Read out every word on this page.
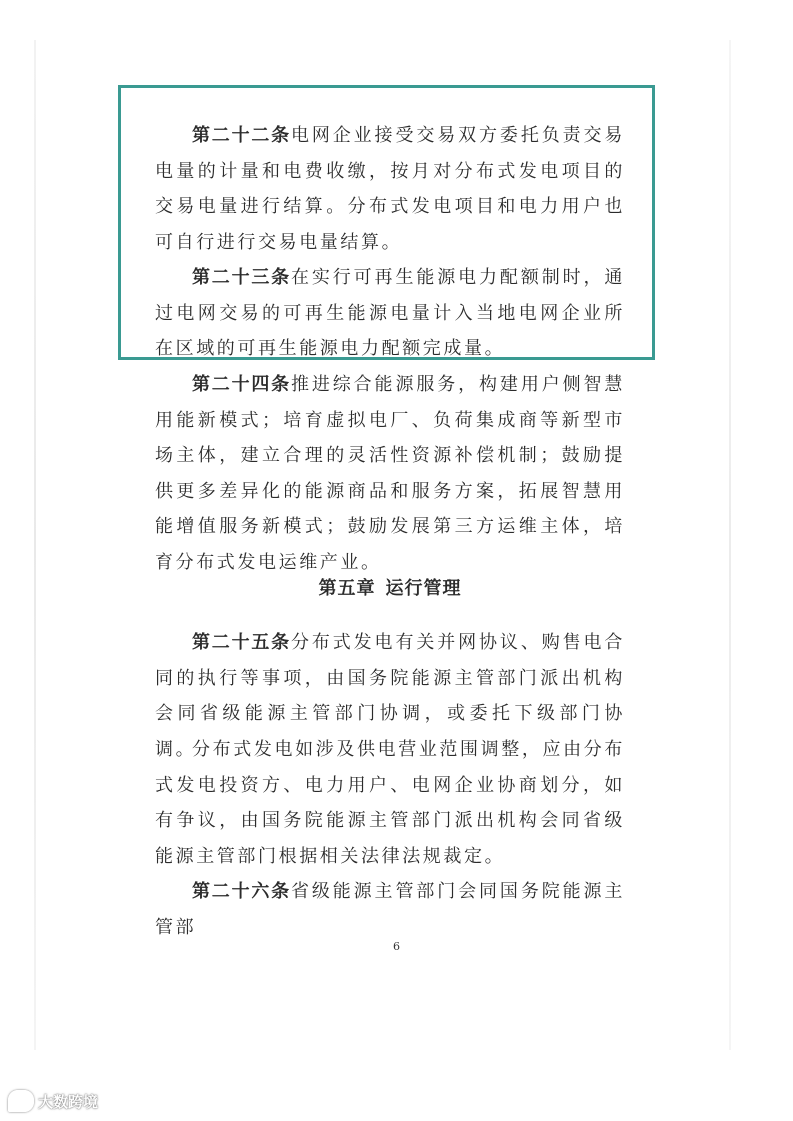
第二十二条电网企业接受交易双方委托负责交易电量的计量和电费收缴，按月对分布式发电项目的交易电量进行结算。分布式发电项目和电力用户也可自行进行交易电量结算。

第二十三条在实行可再生能源电力配额制时，通过电网交易的可再生能源电量计入当地电网企业所在区域的可再生能源电力配额完成量。

第二十四条推进综合能源服务，构建用户侧智慧用能新模式；培育虚拟电厂、负荷集成商等新型市场主体，建立合理的灵活性资源补偿机制；鼓励提供更多差异化的能源商品和服务方案，拓展智慧用能增值服务新模式；鼓励发展第三方运维主体，培育分布式发电运维产业。

第五章 运行管理

第二十五条分布式发电有关并网协议、购售电合同的执行等事项，由国务院能源主管部门派出机构会同省级能源主管部门协调，或委托下级部门协调。

分布式发电如涉及供电营业范围调整，应由分布式发电投资方、电力用户、电网企业协商划分，如有争议，由国务院能源主管部门派出机构会同省级能源主管部门根据相关法律法规裁定。

第二十六条省级能源主管部门会同国务院能源主管部

6
大数跨境
